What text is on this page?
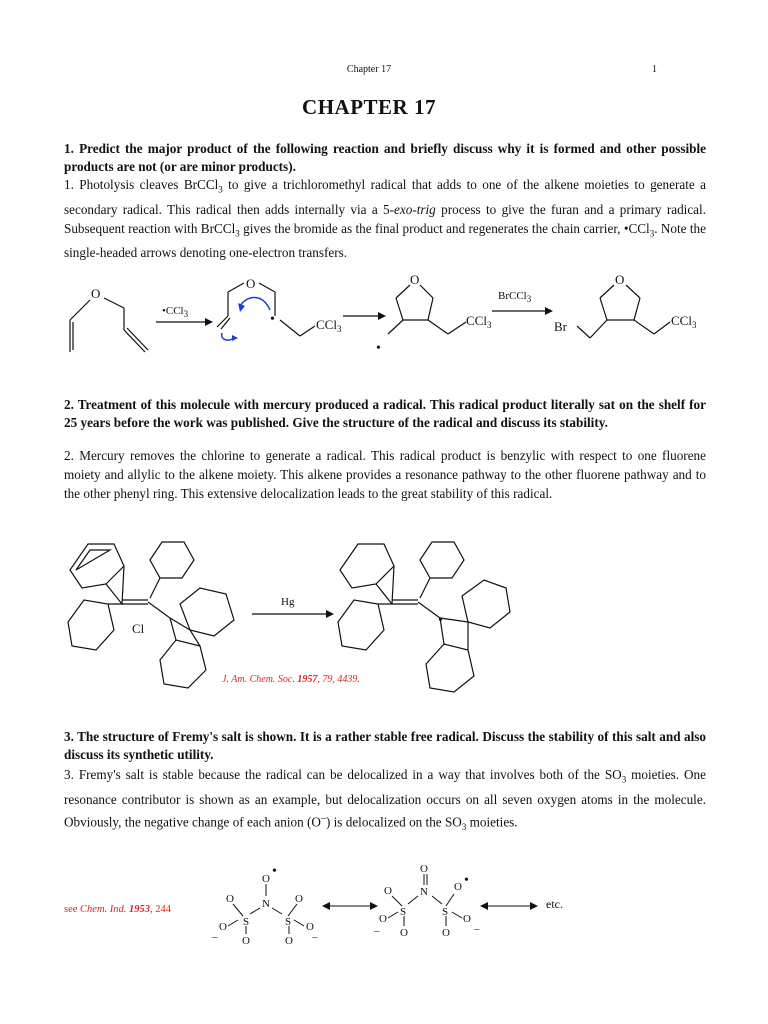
Chapter 17	1
CHAPTER 17
1. Predict the major product of the following reaction and briefly discuss why it is formed and other possible products are not (or are minor products).
1. Photolysis cleaves BrCCl$_3$ to give a trichloromethyl radical that adds to one of the alkene moieties to generate a secondary radical. This radical then adds internally via a 5-exo-trig process to give the furan and a primary radical. Subsequent reaction with BrCCl$_3$ gives the bromide as the final product and regenerates the chain carrier, •CCl$_3$. Note the single-headed arrows denoting one-electron transfers.
O
•CCl$_3$
O
•	CCl$_3$
O
•
CCl$_3$
BrCCl$_3$
O
Br	CCl$_3$
2. Treatment of this molecule with mercury produced a radical. This radical product literally sat on the shelf for 25 years before the work was published. Give the structure of the radical and discuss its stability.
2. Mercury removes the chlorine to generate a radical. This radical product is benzylic with respect to one fluorene moiety and allylic to the alkene moiety. This alkene provides a resonance pathway to the other fluorene pathway and to the other phenyl ring. This extensive delocalization leads to the great stability of this radical.
Cl
Hg
•
J. Am. Chem. Soc. 1957, 79, 4439.
3. The structure of Fremy's salt is shown. It is a rather stable free radical. Discuss the stability of this salt and also discuss its synthetic utility.
3. Fremy's salt is stable because the radical can be delocalized in a way that involves both of the $SO_3$ moieties. One resonance contributor is shown as an example, but delocalization occurs on all seven oxygen atoms in the molecule. Obviously, the negative change of each anion (O–) is delocalized on the $SO_3$ moieties.
see Chem. Ind. 1953, 244
O •
N
O
S
O
– O
O
S O
–
O
O
N
O
S
O
– O
O •
S
O
–
O
etc.
